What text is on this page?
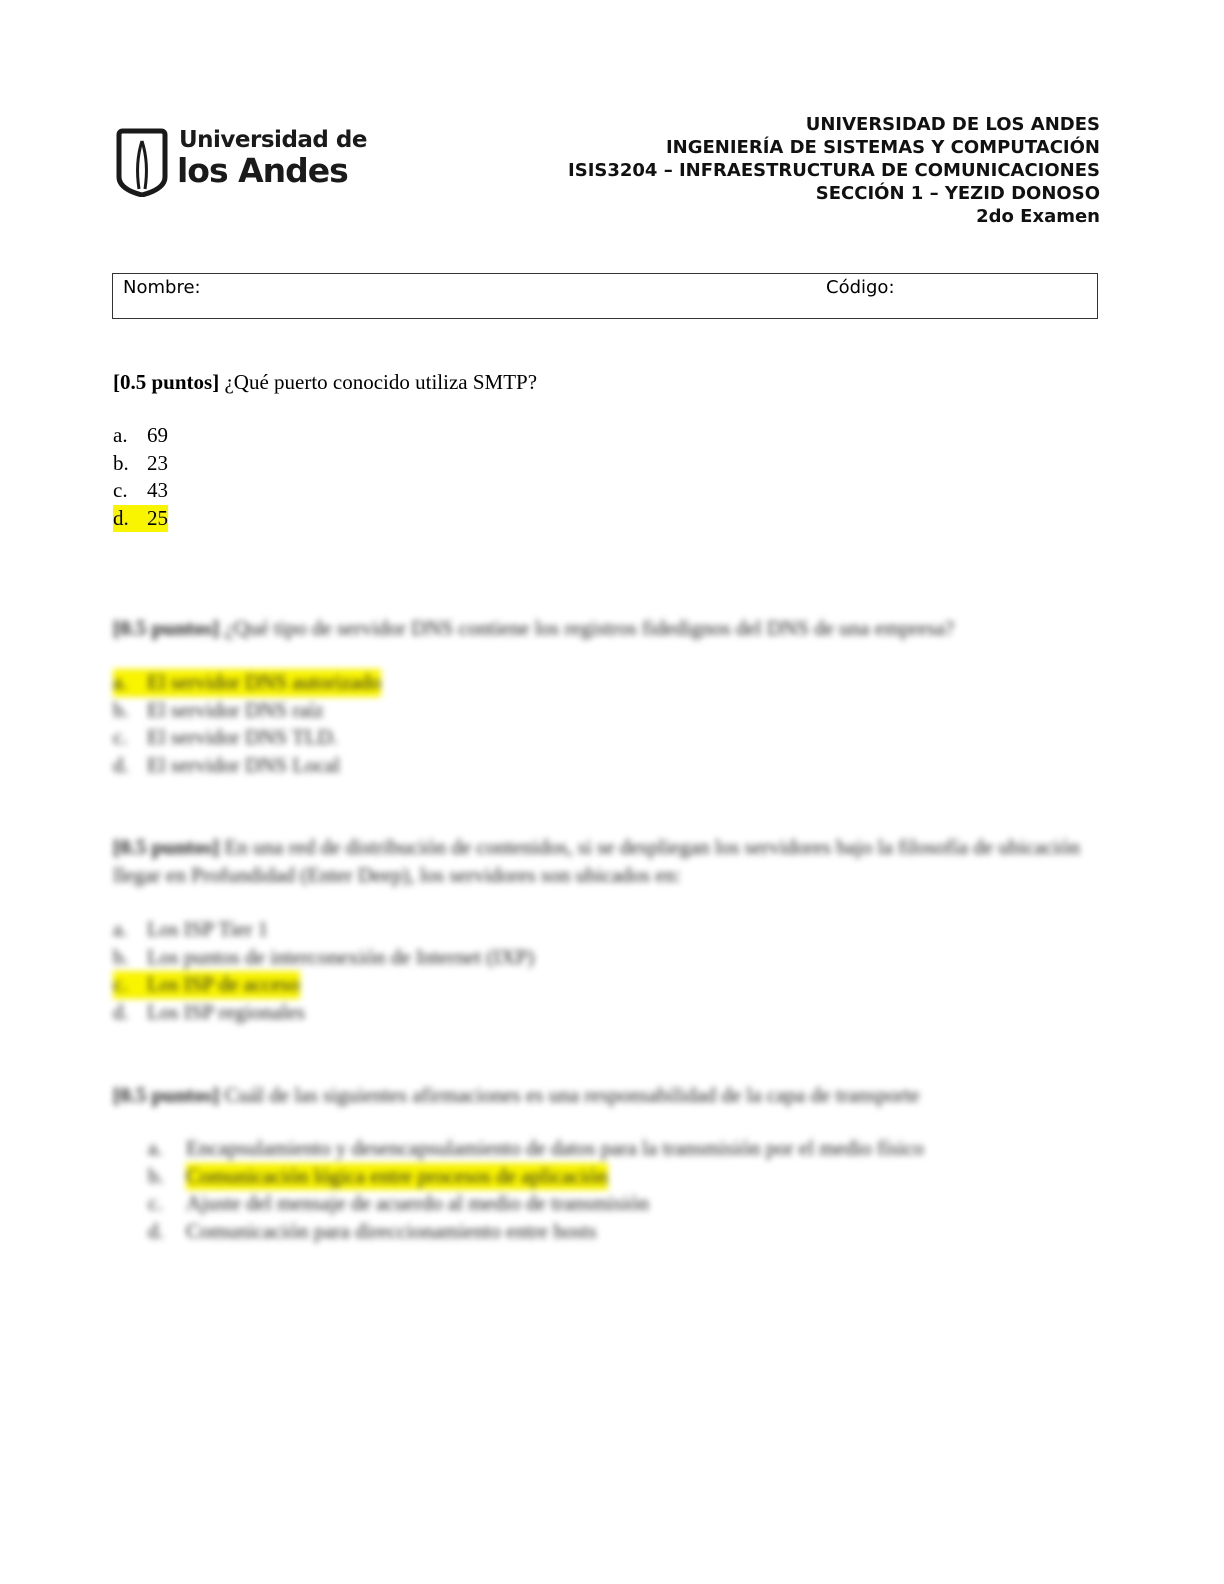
Universidad de
los Andes
UNIVERSIDAD DE LOS ANDES
INGENIERÍA DE SISTEMAS Y COMPUTACIÓN
ISIS3204 – INFRAESTRUCTURA DE COMUNICACIONES
SECCIÓN 1 – YEZID DONOSO
2do Examen
Nombre:	Código:
[0.5 puntos] ¿Qué puerto conocido utiliza SMTP?
a. 69
b. 23
c. 43
d. 25
[0.5 puntos] ¿Qué tipo de servidor DNS contiene los registros fidedignos del DNS de una empresa?
a. El servidor DNS autorizado
b. El servidor DNS raíz
c. El servidor DNS TLD.
d. El servidor DNS Local
[0.5 puntos] En una red de distribución de contenidos, si se despliegan los servidores bajo la filosofía de ubicación llegar en Profundidad (Enter Deep), los servidores son ubicados en:
a. Los ISP Tier 1
b. Los puntos de interconexión de Internet (IXP)
c. Los ISP de acceso
d. Los ISP regionales
[0.5 puntos] Cuál de las siguientes afirmaciones es una responsabilidad de la capa de transporte
a. Encapsulamiento y desencapsulamiento de datos para la transmisión por el medio físico
b. Comunicación lógica entre procesos de aplicación
c. Ajuste del mensaje de acuerdo al medio de transmisión
d. Comunicación para direccionamiento entre hosts
